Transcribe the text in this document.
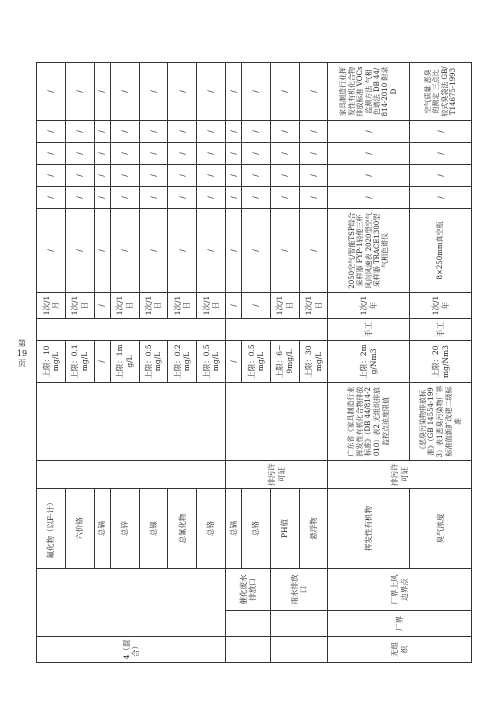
4（混合）			氟化物（以F-计）			上限：10mg/L		1次/1月	/	/	/	/	/	/
			六价铬			上限：0.1mg/L		1次/1日	/	/	/	/	/	/
			总镉			/		/	/	/	/	/	/	/
			总锌			上限：1mg/L		1次/1日	/	/	/	/	/	/
			总镍			上限：0.5mg/L		1次/1日	/	/	/	/	/	/
			总氰化物			上限：0.2mg/L		1次/1日	/	/	/	/	/	/
			总铬			上限：0.5mg/L		1次/1日	/	/	/	/	/	/
		催化废水排放口	总镉	排污许可证		/		/	/	/	/	/	/	/
			总铬			上限：0.5mg/L		/	/	/	/	/	/	/
		雨水排放口	PH值			上限：6~9mg/L		1次/1日	/	/	/	/	/	/
			悬浮物			上限：30mg/L		1次/1日	/	/	/	/	/	/
无组织	厂界	厂界上风边界点	挥发性有机物	排污许可证	广东省《家具制造行业挥发性有机化合物排放标准》（DB 44/814-2010）表2 无组织排放监控点浓度限值	上限：2mg/Nm3	手工	1次/1年	2050空气/智能TSP综合采样器 FYP-1轻便三杯风向风速表 2020型空气采样器 TRACE1300型气相色谱仪	/	/	/	/	家具制造行业挥发性有机化合物排放标准 VOCs监测方法 气相色谱法 DB 44/814-2010 附录D
			臭气浓度		《恶臭污染物排放标准》（GB 14554-1993）表1恶臭污染物厂界标准值新扩改建二级标准	上限：20mg/Nm3	手工	1次/1年	8×250mm真空瓶	/	/	/	/	空气质量 恶臭的测定 三点比较式臭袋法 GB/T14675-1993
第
19
页
